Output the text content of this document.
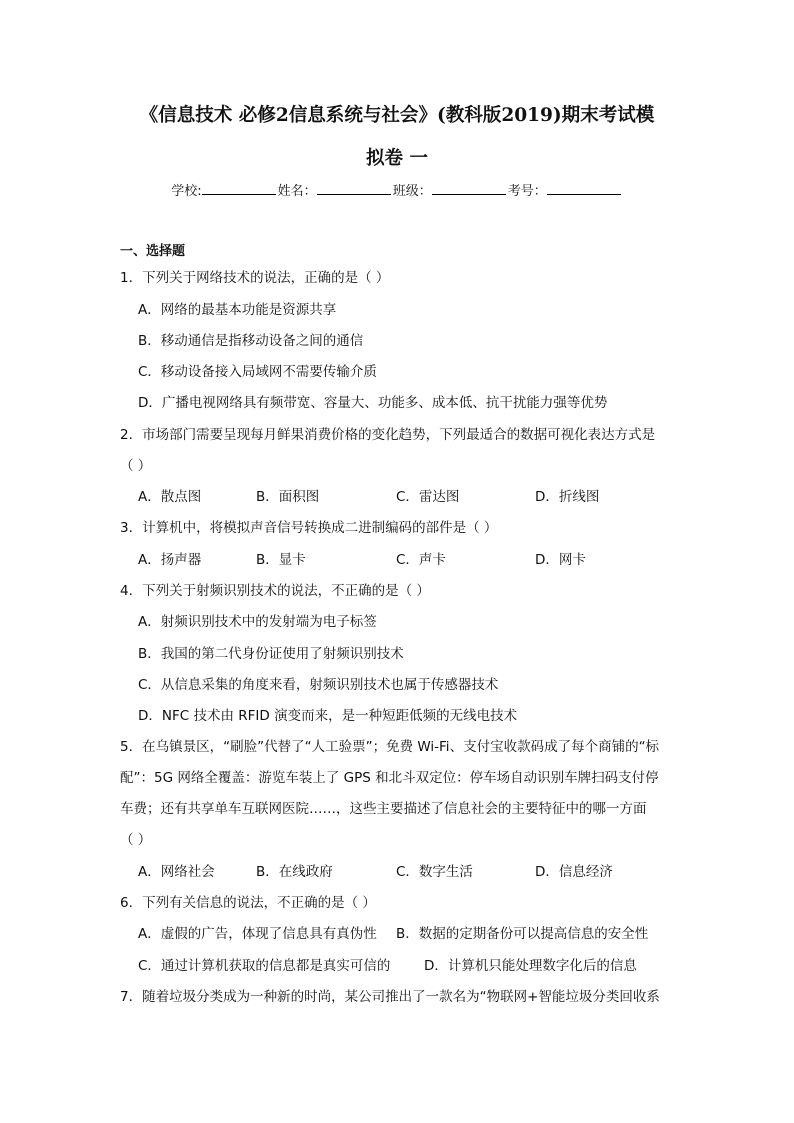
《信息技术 必修2信息系统与社会》(教科版2019)期末考试模
拟卷 一
学校:	姓名：	班级：	考号：
一、选择题
1．下列关于网络技术的说法，正确的是（ ）
A．网络的最基本功能是资源共享
B．移动通信是指移动设备之间的通信
C．移动设备接入局域网不需要传输介质
D．广播电视网络具有频带宽、容量大、功能多、成本低、抗干扰能力强等优势
2．市场部门需要呈现每月鲜果消费价格的变化趋势，下列最适合的数据可视化表达方式是
（ ）
A．散点图	B．面积图	C．雷达图	D．折线图
3．计算机中，将模拟声音信号转换成二进制编码的部件是（ ）
A．扬声器	B．显卡	C．声卡	D．网卡
4．下列关于射频识别技术的说法，不正确的是（ ）
A．射频识别技术中的发射端为电子标签
B．我国的第二代身份证使用了射频识别技术
C．从信息采集的角度来看，射频识别技术也属于传感器技术
D．NFC 技术由 RFID 演变而来，是一种短距低频的无线电技术
5．在乌镇景区，“刷脸”代替了“人工验票”；免费 Wi-Fi、支付宝收款码成了每个商铺的“标
配”：5G 网络全覆盖：游览车装上了 GPS 和北斗双定位：停车场自动识别车牌扫码支付停
车费；还有共享单车互联网医院……，这些主要描述了信息社会的主要特征中的哪一方面
（ ）
A．网络社会	B．在线政府	C．数字生活	D．信息经济
6．下列有关信息的说法，不正确的是（ ）
A．虚假的广告，体现了信息具有真伪性 B．数据的定期备份可以提高信息的安全性
C．通过计算机获取的信息都是真实可信的 D．计算机只能处理数字化后的信息
7．随着垃圾分类成为一种新的时尚，某公司推出了一款名为“物联网+智能垃圾分类回收系
